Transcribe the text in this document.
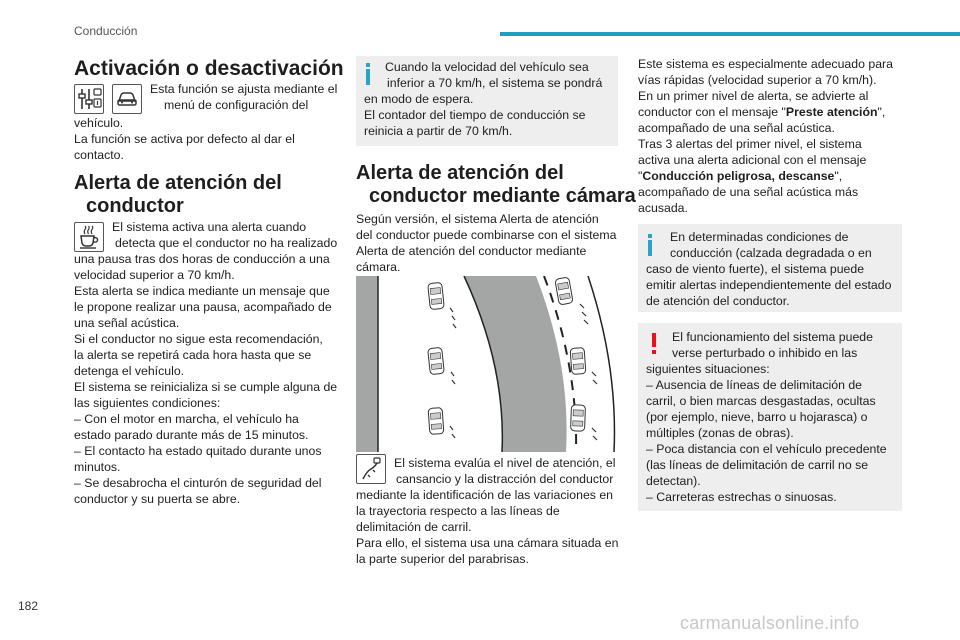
Conducción
Activación o desactivación
Esta función se ajusta mediante el
menú de configuración del
vehículo.
La función se activa por defecto al dar el
contacto.
Alerta de atención del
conductor
El sistema activa una alerta cuando
detecta que el conductor no ha realizado
una pausa tras dos horas de conducción a una
velocidad superior a 70 km/h.
Esta alerta se indica mediante un mensaje que
le propone realizar una pausa, acompañado de
una señal acústica.
Si el conductor no sigue esta recomendación,
la alerta se repetirá cada hora hasta que se
detenga el vehículo.
El sistema se reinicializa si se cumple alguna de
las siguientes condiciones:
– Con el motor en marcha, el vehículo ha
estado parado durante más de 15 minutos.
– El contacto ha estado quitado durante unos
minutos.
– Se desabrocha el cinturón de seguridad del
conductor y su puerta se abre.
Cuando la velocidad del vehículo sea
inferior a 70 km/h, el sistema se pondrá
en modo de espera.
El contador del tiempo de conducción se
reinicia a partir de 70 km/h.
Alerta de atención del
conductor mediante cámara
Según versión, el sistema Alerta de atención
del conductor puede combinarse con el sistema
Alerta de atención del conductor mediante
cámara.
El sistema evalúa el nivel de atención, el
cansancio y la distracción del conductor
mediante la identificación de las variaciones en
la trayectoria respecto a las líneas de
delimitación de carril.
Para ello, el sistema usa una cámara situada en
la parte superior del parabrisas.
Este sistema es especialmente adecuado para
vías rápidas (velocidad superior a 70 km/h).
En un primer nivel de alerta, se advierte al
conductor con el mensaje "Preste atención",
acompañado de una señal acústica.
Tras 3 alertas del primer nivel, el sistema
activa una alerta adicional con el mensaje
"Conducción peligrosa, descanse",
acompañado de una señal acústica más
acusada.
En determinadas condiciones de
conducción (calzada degradada o en
caso de viento fuerte), el sistema puede
emitir alertas independientemente del estado
de atención del conductor.
El funcionamiento del sistema puede
verse perturbado o inhibido en las
siguientes situaciones:
– Ausencia de líneas de delimitación de
carril, o bien marcas desgastadas, ocultas
(por ejemplo, nieve, barro u hojarasca) o
múltiples (zonas de obras).
– Poca distancia con el vehículo precedente
(las líneas de delimitación de carril no se
detectan).
– Carreteras estrechas o sinuosas.
182
carmanualsonline.info
